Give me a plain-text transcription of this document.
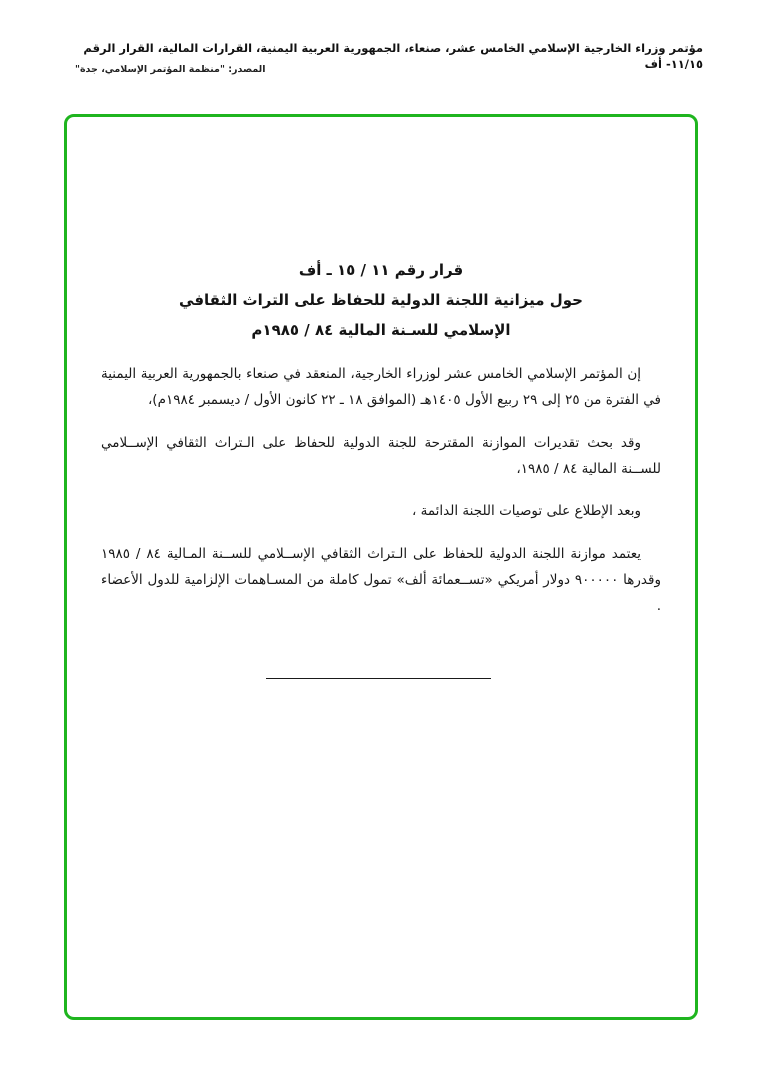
مؤتمر وزراء الخارجية الإسلامي الخامس عشر، صنعاء، الجمهورية العربية اليمنية، القرارات المالية، القرار الرقم ١١/١٥- أف
المصدر: "منظمة المؤتمر الإسلامي، جدة"
قرار رقم ١١ / ١٥ ـ أف
حول ميزانية اللجنة الدولية للحفاظ على التراث الثقافي
الإسلامي للسـنة المالية ٨٤ / ١٩٨٥م

إن المؤتمر الإسلامي الخامس عشر لوزراء الخارجية، المنعقد في صنعاء بالجمهورية العربية اليمنية في الفترة من ٢٥ إلى ٢٩ ربيع الأول ١٤٠٥هـ (الموافق ١٨ ـ ٢٢ كانون الأول / ديسمبر ١٩٨٤م)،

وقد بحث تقديرات الموازنة المقترحة للجنة الدولية للحفاظ على الـتراث الثقافي الإســلامي للســنة المالية ٨٤ / ١٩٨٥،

وبعد الإطلاع على توصيات اللجنة الدائمة ،

يعتمد موازنة اللجنة الدولية للحفاظ على الـتراث الثقافي الإســلامي للســنة المـالية ٨٤ / ١٩٨٥ وقدرها ٩٠٠٠٠٠ دولار أمريكي «تســعمائة ألف» تمول كاملة من المسـاهمات الإلزامية للدول الأعضاء .
